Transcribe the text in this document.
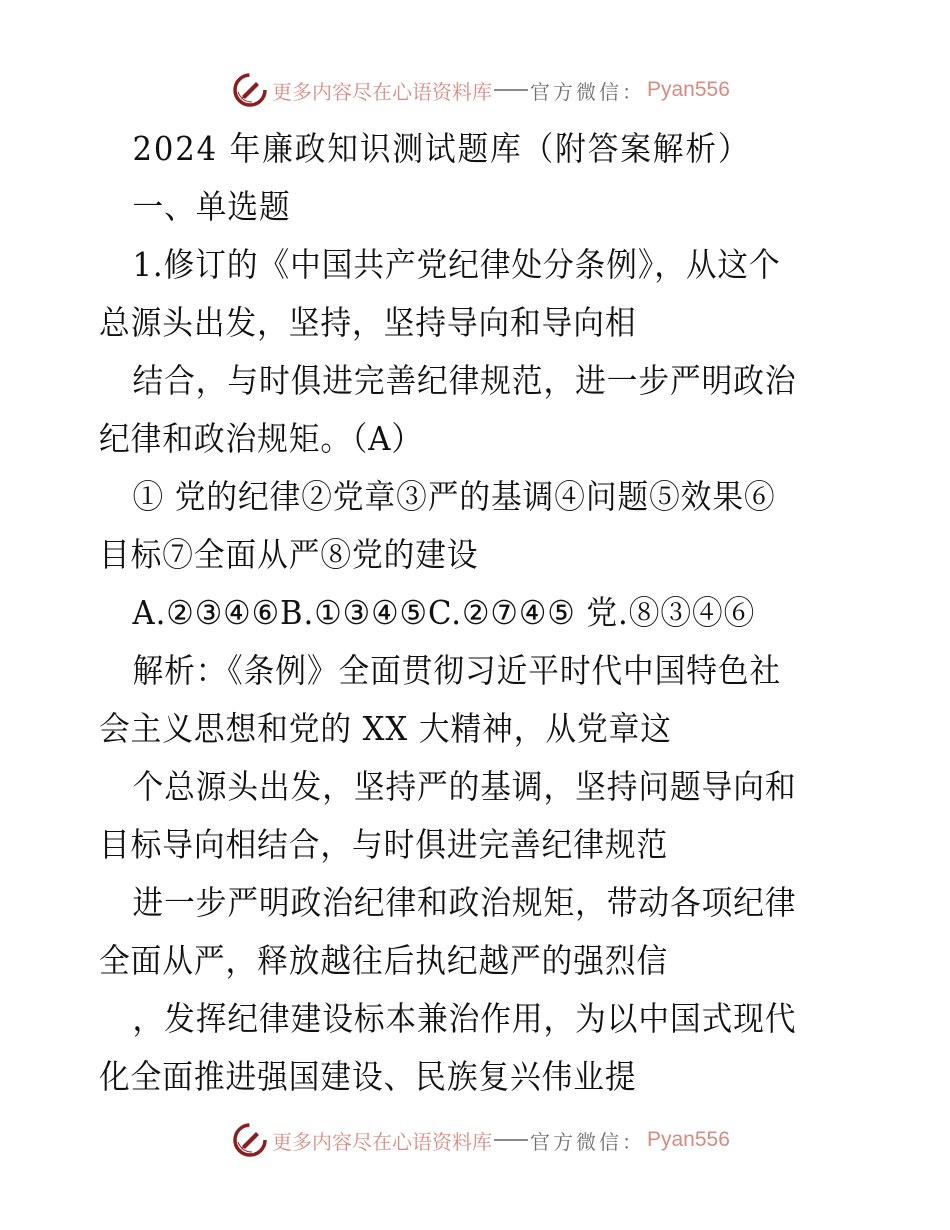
更多内容尽在心语资料库 官方微信： Pyan556
2024 年廉政知识测试题库（附答案解析）
一、单选题
1.修订的《中国共产党纪律处分条例》，从这个
总源头出发，坚持，坚持导向和导向相
结合，与时俱进完善纪律规范，进一步严明政治
纪律和政治规矩。（A）
① 党的纪律②党章③严的基调④问题⑤效果⑥
目标⑦全面从严⑧党的建设
A.②③④⑥B.①③④⑤C.②⑦④⑤ 党.⑧③④⑥
解析：《条例》全面贯彻习近平时代中国特色社
会主义思想和党的 XX 大精神，从党章这
个总源头出发，坚持严的基调，坚持问题导向和
目标导向相结合，与时俱进完善纪律规范
进一步严明政治纪律和政治规矩，带动各项纪律
全面从严，释放越往后执纪越严的强烈信
，发挥纪律建设标本兼治作用，为以中国式现代
化全面推进强国建设、民族复兴伟业提
更多内容尽在心语资料库 官方微信： Pyan556
